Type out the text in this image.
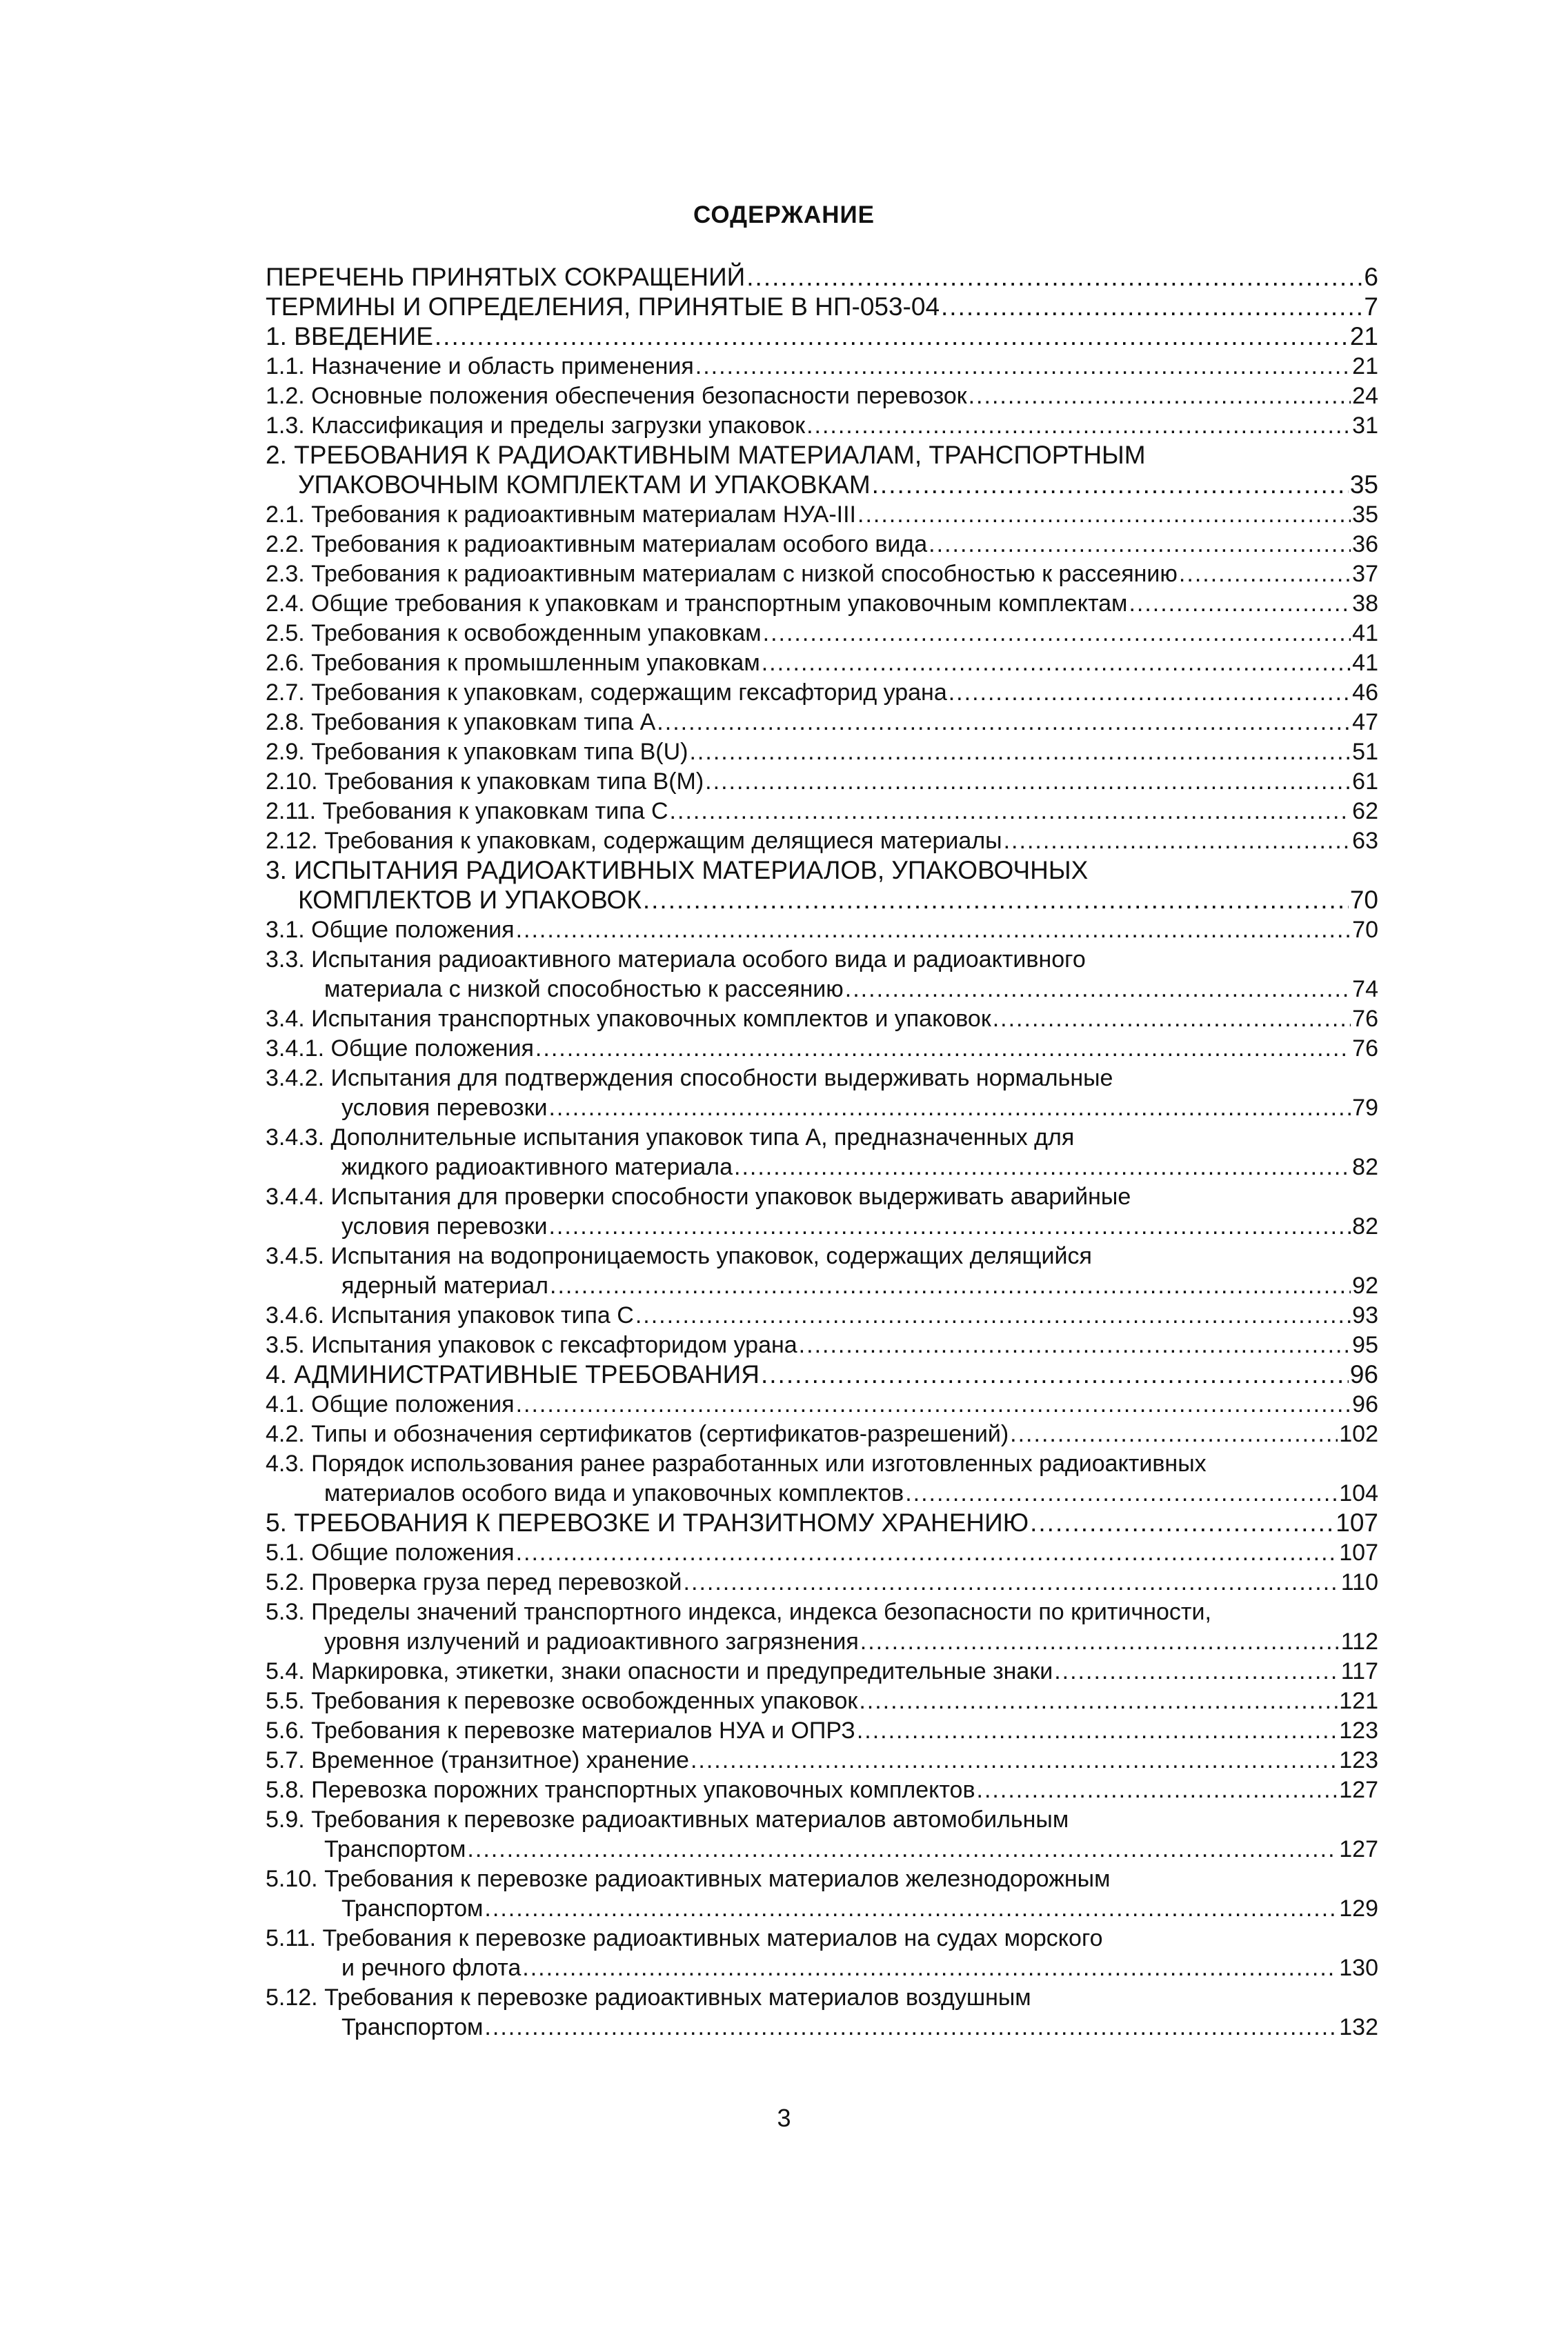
СОДЕРЖАНИЕ
ПЕРЕЧЕНЬ ПРИНЯТЫХ СОКРАЩЕНИЙ .....	6
ТЕРМИНЫ И ОПРЕДЕЛЕНИЯ, ПРИНЯТЫЕ В НП-053-04 .....	7
1. ВВЕДЕНИЕ .....	21
1.1. Назначение и область применения .....	21
1.2. Основные положения обеспечения безопасности перевозок .....	24
1.3. Классификация и пределы загрузки упаковок .....	31
2. ТРЕБОВАНИЯ К РАДИОАКТИВНЫМ МАТЕРИАЛАМ, ТРАНСПОРТНЫМ
УПАКОВОЧНЫМ КОМПЛЕКТАМ И УПАКОВКАМ .....	35
2.1. Требования к радиоактивным материалам НУА-III .....	35
2.2. Требования к радиоактивным материалам особого вида .....	36
2.3. Требования к радиоактивным материалам с низкой способностью к рассеянию .....	37
2.4. Общие требования к упаковкам и транспортным упаковочным комплектам .....	38
2.5. Требования к освобожденным упаковкам .....	41
2.6. Требования к промышленным упаковкам .....	41
2.7. Требования к упаковкам, содержащим гексафторид урана .....	46
2.8. Требования к упаковкам типа А .....	47
2.9. Требования к упаковкам типа В(U) .....	51
2.10. Требования к упаковкам типа В(М) .....	61
2.11. Требования к упаковкам типа С .....	62
2.12. Требования к упаковкам, содержащим делящиеся материалы .....	63
3. ИСПЫТАНИЯ РАДИОАКТИВНЫХ МАТЕРИАЛОВ, УПАКОВОЧНЫХ
КОМПЛЕКТОВ И УПАКОВОК .....	70
3.1. Общие положения .....	70
3.3. Испытания радиоактивного материала особого вида и радиоактивного
материала с низкой способностью к рассеянию .....	74
3.4. Испытания транспортных упаковочных комплектов и упаковок .....	76
3.4.1. Общие положения .....	76
3.4.2. Испытания для подтверждения способности выдерживать нормальные
условия перевозки .....	79
3.4.3. Дополнительные испытания упаковок типа А, предназначенных для
жидкого радиоактивного материала .....	82
3.4.4. Испытания для проверки способности упаковок выдерживать аварийные
условия перевозки .....	82
3.4.5. Испытания на водопроницаемость упаковок, содержащих делящийся
ядерный материал .....	92
3.4.6. Испытания упаковок типа С .....	93
3.5. Испытания упаковок с гексафторидом урана .....	95
4. АДМИНИСТРАТИВНЫЕ ТРЕБОВАНИЯ .....	96
4.1. Общие положения .....	96
4.2. Типы и обозначения сертификатов (сертификатов-разрешений) .....	102
4.3. Порядок использования ранее разработанных или изготовленных радиоактивных
материалов особого вида и упаковочных комплектов .....	104
5. ТРЕБОВАНИЯ К ПЕРЕВОЗКЕ И ТРАНЗИТНОМУ ХРАНЕНИЮ .....	107
5.1. Общие положения .....	107
5.2. Проверка груза перед перевозкой .....	110
5.3. Пределы значений транспортного индекса, индекса безопасности по критичности,
уровня излучений и радиоактивного загрязнения .....	112
5.4. Маркировка, этикетки, знаки опасности и предупредительные знаки .....	117
5.5. Требования к перевозке освобожденных упаковок .....	121
5.6. Требования к перевозке материалов НУА и ОПРЗ .....	123
5.7. Временное (транзитное) хранение .....	123
5.8. Перевозка порожних транспортных упаковочных комплектов .....	127
5.9. Требования к перевозке радиоактивных материалов автомобильным
Транспортом .....	127
5.10. Требования к перевозке радиоактивных материалов железнодорожным
Транспортом .....	129
5.11. Требования к перевозке радиоактивных материалов на судах морского
и речного флота .....	130
5.12. Требования к перевозке радиоактивных материалов воздушным
Транспортом .....	132
3
